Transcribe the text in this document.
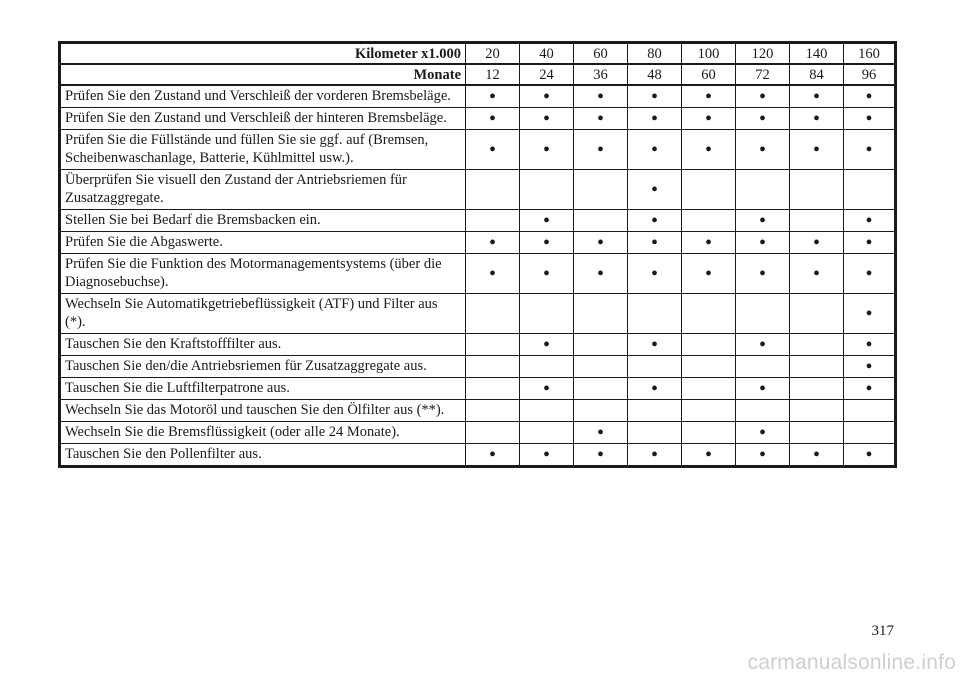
Kilometer x1.000	20	40	60	80	100	120	140	160
Monate	12	24	36	48	60	72	84	96
Prüfen Sie den Zustand und Verschleiß der vorderen Bremsbeläge.	•	•	•	•	•	•	•	•
Prüfen Sie den Zustand und Verschleiß der hinteren Bremsbeläge.	•	•	•	•	•	•	•	•
Prüfen Sie die Füllstände und füllen Sie sie ggf. auf (Bremsen, Scheibenwaschanlage, Batterie, Kühlmittel usw.).	•	•	•	•	•	•	•	•
Überprüfen Sie visuell den Zustand der Antriebsriemen für Zusatzaggregate.				•				
Stellen Sie bei Bedarf die Bremsbacken ein.		•		•		•		•
Prüfen Sie die Abgaswerte.	•	•	•	•	•	•	•	•
Prüfen Sie die Funktion des Motormanagementsystems (über die Diagnosebuchse).	•	•	•	•	•	•	•	•
Wechseln Sie Automatikgetriebeflüssigkeit (ATF) und Filter aus (*).								•
Tauschen Sie den Kraftstofffilter aus.		•		•		•		•
Tauschen Sie den/die Antriebsriemen für Zusatzaggregate aus.								•
Tauschen Sie die Luftfilterpatrone aus.		•		•		•		•
Wechseln Sie das Motoröl und tauschen Sie den Ölfilter aus (**).								
Wechseln Sie die Bremsflüssigkeit (oder alle 24 Monate).			•			•		
Tauschen Sie den Pollenfilter aus.	•	•	•	•	•	•	•	•
317
carmanualsonline.info
